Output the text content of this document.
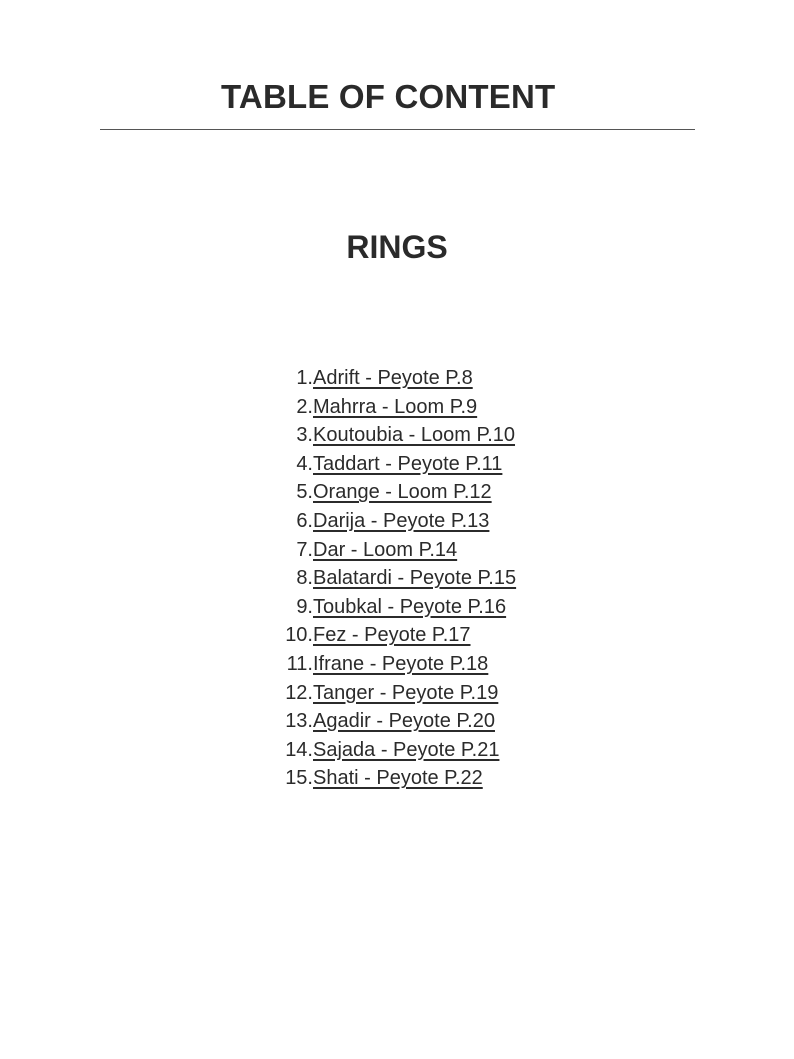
TABLE OF CONTENT
RINGS
1. Adrift - Peyote P.8
2. Mahrra - Loom P.9
3. Koutoubia - Loom P.10
4. Taddart - Peyote P.11
5. Orange - Loom P.12
6. Darija - Peyote P.13
7. Dar - Loom P.14
8. Balatardi - Peyote P.15
9. Toubkal - Peyote P.16
10. Fez - Peyote P.17
11. Ifrane - Peyote P.18
12. Tanger - Peyote P.19
13. Agadir - Peyote P.20
14. Sajada - Peyote P.21
15. Shati - Peyote P.22
